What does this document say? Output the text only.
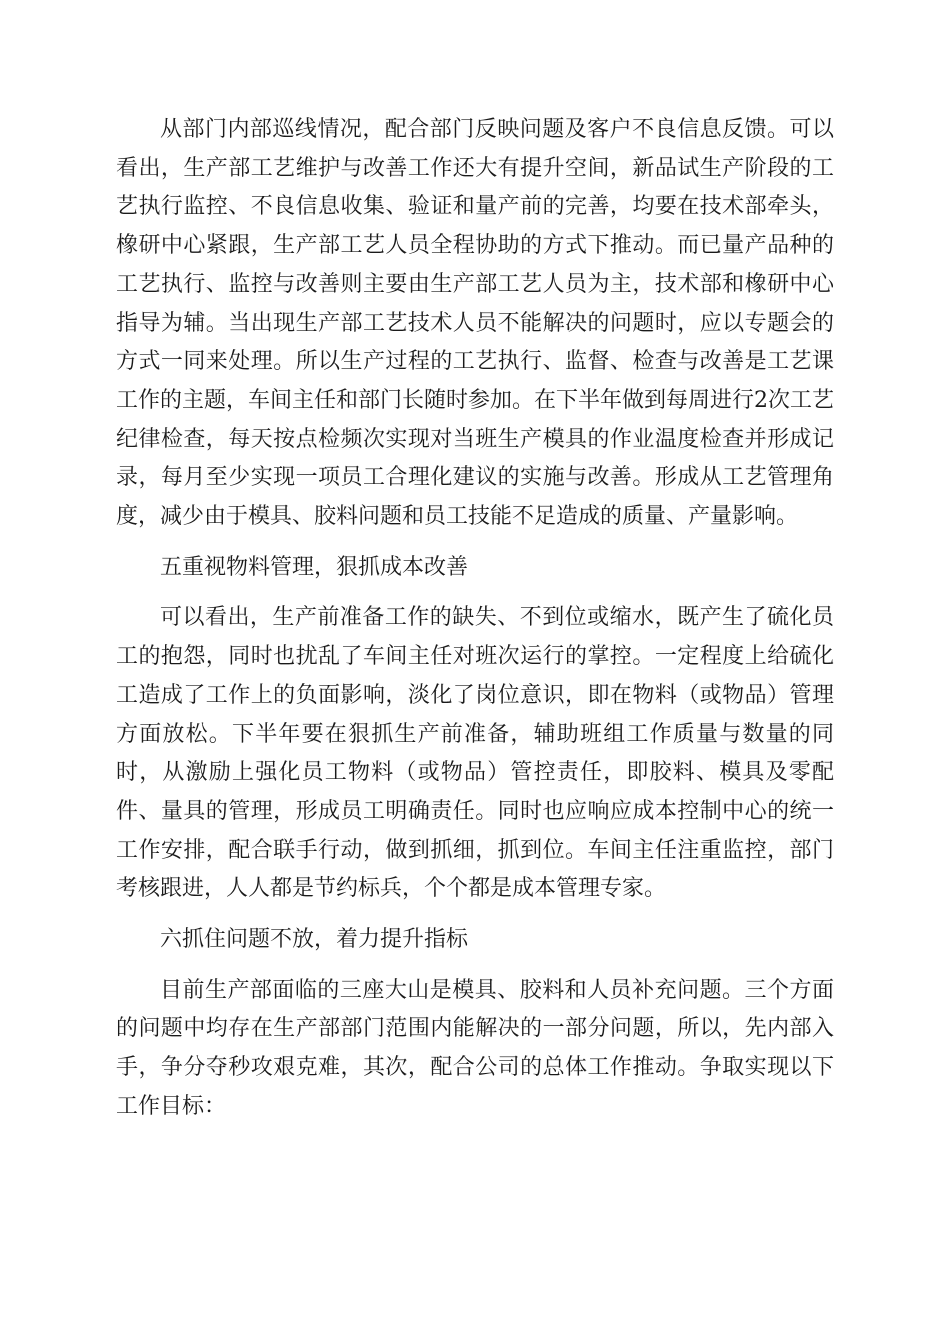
从部门内部巡线情况，配合部门反映问题及客户不良信息反馈。可以看出，生产部工艺维护与改善工作还大有提升空间，新品试生产阶段的工艺执行监控、不良信息收集、验证和量产前的完善，均要在技术部牵头，橡研中心紧跟，生产部工艺人员全程协助的方式下推动。而已量产品种的工艺执行、监控与改善则主要由生产部工艺人员为主，技术部和橡研中心指导为辅。当出现生产部工艺技术人员不能解决的问题时，应以专题会的方式一同来处理。所以生产过程的工艺执行、监督、检查与改善是工艺课工作的主题，车间主任和部门长随时参加。在下半年做到每周进行2次工艺纪律检查，每天按点检频次实现对当班生产模具的作业温度检查并形成记录，每月至少实现一项员工合理化建议的实施与改善。形成从工艺管理角度，减少由于模具、胶料问题和员工技能不足造成的质量、产量影响。

五重视物料管理，狠抓成本改善

可以看出，生产前准备工作的缺失、不到位或缩水，既产生了硫化员工的抱怨，同时也扰乱了车间主任对班次运行的掌控。一定程度上给硫化工造成了工作上的负面影响，淡化了岗位意识，即在物料（或物品）管理方面放松。下半年要在狠抓生产前准备，辅助班组工作质量与数量的同时，从激励上强化员工物料（或物品）管控责任，即胶料、模具及零配件、量具的管理，形成员工明确责任。同时也应响应成本控制中心的统一工作安排，配合联手行动，做到抓细，抓到位。车间主任注重监控，部门考核跟进，人人都是节约标兵，个个都是成本管理专家。

六抓住问题不放，着力提升指标

目前生产部面临的三座大山是模具、胶料和人员补充问题。三个方面的问题中均存在生产部部门范围内能解决的一部分问题，所以，先内部入手，争分夺秒攻艰克难，其次，配合公司的总体工作推动。争取实现以下工作目标：
